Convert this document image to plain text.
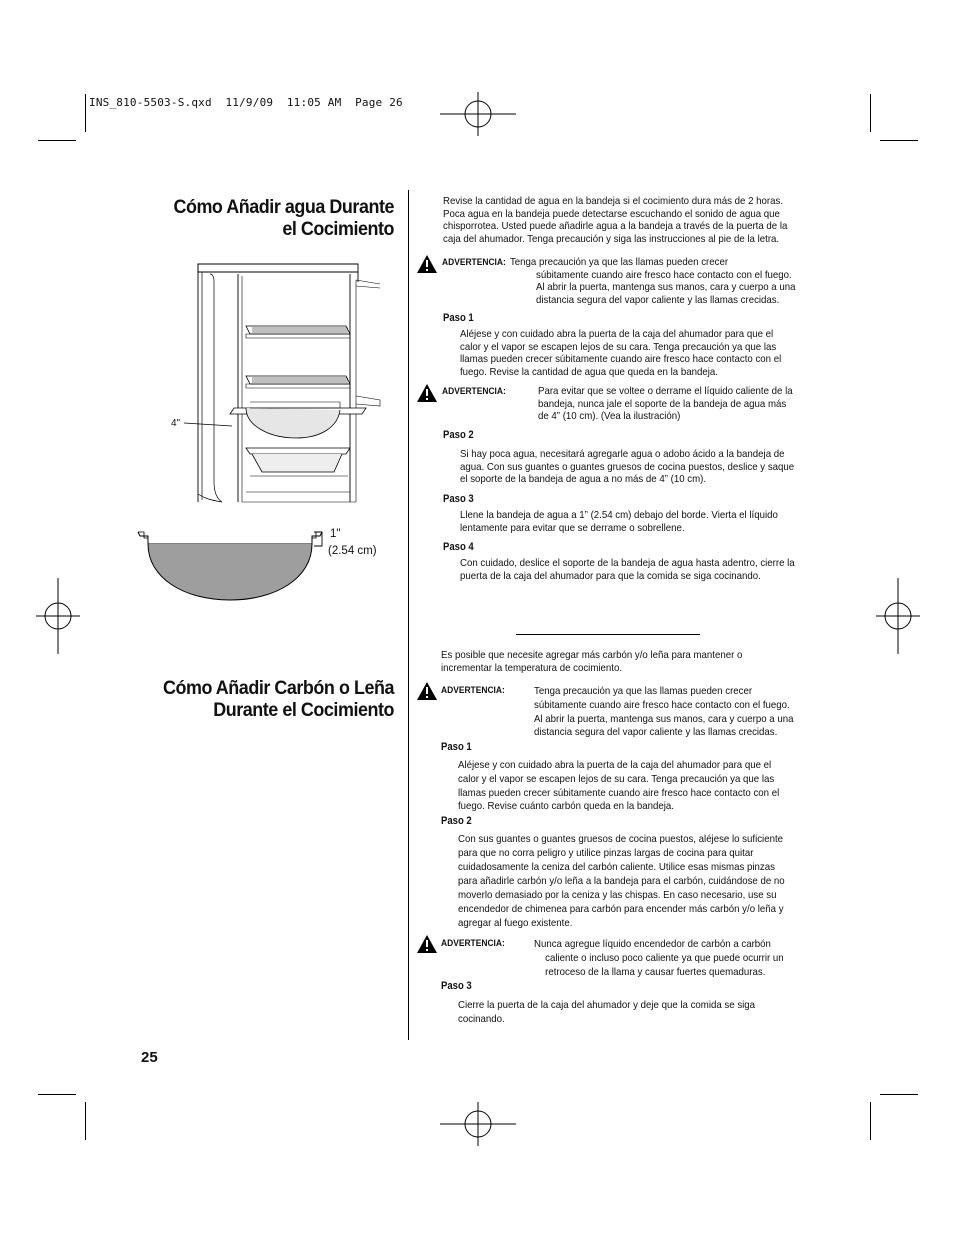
INS_810-5503-S.qxd  11/9/09  11:05 AM  Page 26
Cómo Añadir agua Durante
el Cocimiento
Cómo Añadir Carbón o Leña
Durante el Cocimiento
4"
1"
(2.54 cm)
Revise la cantidad de agua en la bandeja si el cocimiento dura más de 2 horas.
Poca agua en la bandeja puede detectarse escuchando el sonido de agua que
chisporrotea. Usted puede añadirle agua a la bandeja a través de la puerta de la
caja del ahumador. Tenga precaución y siga las instrucciones al pie de la letra.
ADVERTENCIA: Tenga precaución ya que las llamas pueden crecer
súbitamente cuando aire fresco hace contacto con el fuego.
Al abrir la puerta, mantenga sus manos, cara y cuerpo a una
distancia segura del vapor caliente y las llamas crecidas.
Paso 1
Aléjese y con cuidado abra la puerta de la caja del ahumador para que el
calor y el vapor se escapen lejos de su cara. Tenga precaución ya que las
llamas pueden crecer súbitamente cuando aire fresco hace contacto con el
fuego. Revise la cantidad de agua que queda en la bandeja.
ADVERTENCIA:	Para evitar que se voltee o derrame el líquido caliente de la
bandeja, nunca jale el soporte de la bandeja de agua más
de 4” (10 cm). (Vea la ilustración)
Paso 2
Si hay poca agua, necesitará agregarle agua o adobo ácido a la bandeja de
agua. Con sus guantes o guantes gruesos de cocina puestos, deslice y saque
el soporte de la bandeja de agua a no más de 4” (10 cm).
Paso 3
Llene la bandeja de agua a 1” (2.54 cm) debajo del borde. Vierta el líquido
lentamente para evitar que se derrame o sobrellene.
Paso 4
Con cuidado, deslice el soporte de la bandeja de agua hasta adentro, cierre la
puerta de la caja del ahumador para que la comida se siga cocinando.
Es posible que necesite agregar más carbón y/o leña para mantener o
incrementar la temperatura de cocimiento.
ADVERTENCIA:	Tenga precaución ya que las llamas pueden crecer
súbitamente cuando aire fresco hace contacto con el fuego.
Al abrir la puerta, mantenga sus manos, cara y cuerpo a una
distancia segura del vapor caliente y las llamas crecidas.
Paso 1
Aléjese y con cuidado abra la puerta de la caja del ahumador para que el
calor y el vapor se escapen lejos de su cara. Tenga precaución ya que las
llamas pueden crecer súbitamente cuando aire fresco hace contacto con el
fuego. Revise cuánto carbón queda en la bandeja.
Paso 2
Con sus guantes o guantes gruesos de cocina puestos, aléjese lo suficiente
para que no corra peligro y utilice pinzas largas de cocina para quitar
cuidadosamente la ceniza del carbón caliente. Utilice esas mismas pinzas
para añadirle carbón y/o leña a la bandeja para el carbón, cuidándose de no
moverlo demasiado por la ceniza y las chispas. En caso necesario, use su
encendedor de chimenea para carbón para encender más carbón y/o leña y
agregar al fuego existente.
ADVERTENCIA:	Nunca agregue líquido encendedor de carbón a carbón
caliente o incluso poco caliente ya que puede ocurrir un
retroceso de la llama y causar fuertes quemaduras.
Paso 3
Cierre la puerta de la caja del ahumador y deje que la comida se siga
cocinando.
25
